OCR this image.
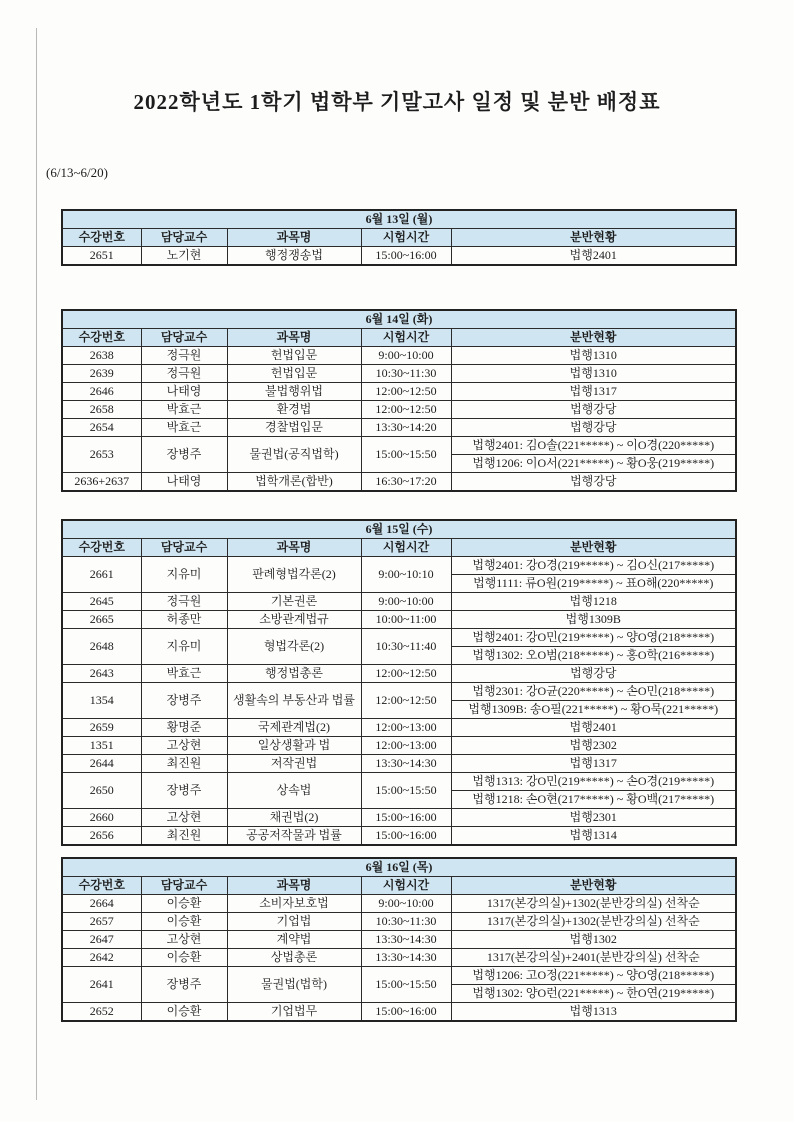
2022학년도 1학기 법학부 기말고사 일정 및 분반 배정표
(6/13~6/20)
6월 13일 (월)				
수강번호	담당교수	과목명	시험시간	분반현황
2651	노기현	행정쟁송법	15:00~16:00	법행2401
6월 14일 (화)				
수강번호	담당교수	과목명	시험시간	분반현황
2638	정극원	헌법입문	9:00~10:00	법행1310
2639	정극원	헌법입문	10:30~11:30	법행1310
2646	나태영	불법행위법	12:00~12:50	법행1317
2658	박효근	환경법	12:00~12:50	법행강당
2654	박효근	경찰법입문	13:30~14:20	법행강당
2653	장병주	물권법(공직법학)	15:00~15:50	법행2401: 김O솔(221*****) ~ 이O경(220*****)
				법행1206: 이O서(221*****) ~ 황O웅(219*****)
2636+2637	나태영	법학개론(합반)	16:30~17:20	법행강당
6월 15일 (수)				
수강번호	담당교수	과목명	시험시간	분반현황
2661	지유미	판례형법각론(2)	9:00~10:10	법행2401: 강O경(219*****) ~ 김O신(217*****)
				법행1111: 류O원(219*****) ~ 표O해(220*****)
2645	정극원	기본권론	9:00~10:00	법행1218
2665	허종만	소방관계법규	10:00~11:00	법행1309B
2648	지유미	형법각론(2)	10:30~11:40	법행2401: 강O민(219*****) ~ 양O영(218*****)
				법행1302: 오O범(218*****) ~ 홍O학(216*****)
2643	박효근	행정법총론	12:00~12:50	법행강당
1354	장병주	생활속의 부동산과 법률	12:00~12:50	법행2301: 강O균(220*****) ~ 손O민(218*****)
				법행1309B: 송O필(221*****) ~ 황O묵(221*****)
2659	황명준	국제관계법(2)	12:00~13:00	법행2401
1351	고상현	일상생활과 법	12:00~13:00	법행2302
2644	최진원	저작권법	13:30~14:30	법행1317
2650	장병주	상속법	15:00~15:50	법행1313: 강O민(219*****) ~ 손O경(219*****)
				법행1218: 손O현(217*****) ~ 황O백(217*****)
2660	고상현	채권법(2)	15:00~16:00	법행2301
2656	최진원	공공저작물과 법률	15:00~16:00	법행1314
6월 16일 (목)				
수강번호	담당교수	과목명	시험시간	분반현황
2664	이승환	소비자보호법	9:00~10:00	1317(본강의실)+1302(분반강의실) 선착순
2657	이승환	기업법	10:30~11:30	1317(본강의실)+1302(분반강의실) 선착순
2647	고상현	계약법	13:30~14:30	법행1302
2642	이승환	상법총론	13:30~14:30	1317(본강의실)+2401(분반강의실) 선착순
2641	장병주	물권법(법학)	15:00~15:50	법행1206: 고O정(221*****) ~ 양O영(218*****)
				법행1302: 양O런(221*****) ~ 한O연(219*****)
2652	이승환	기업법무	15:00~16:00	법행1313
